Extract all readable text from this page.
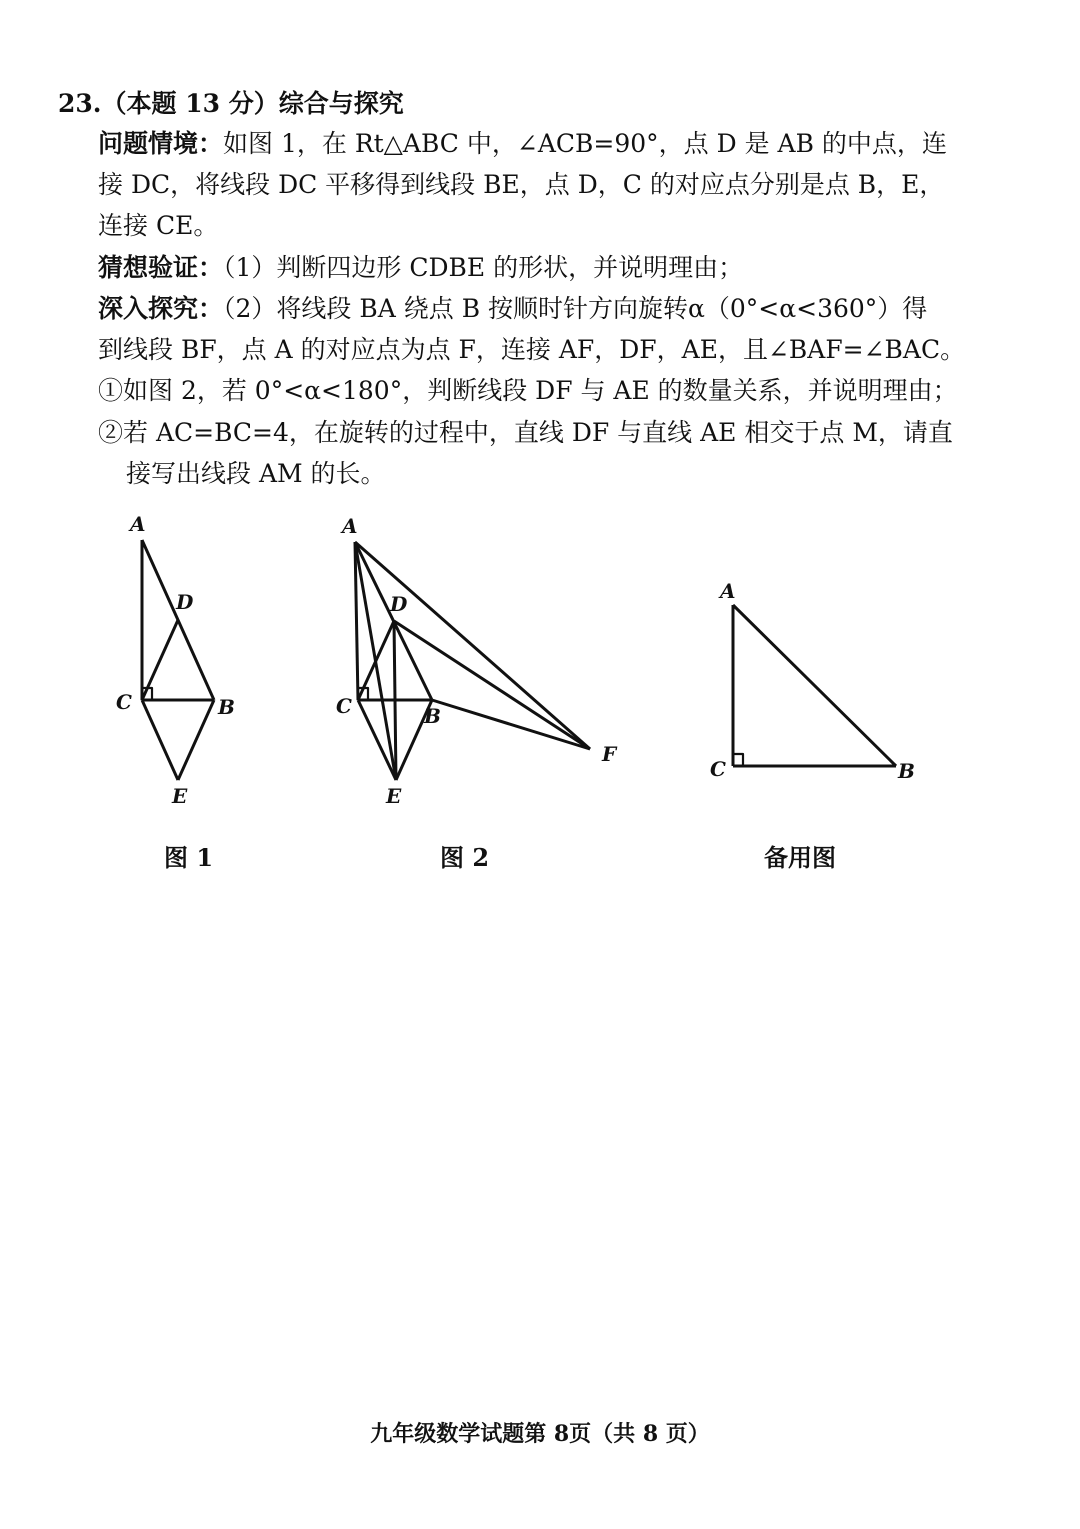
23.（本题 13 分）综合与探究
问题情境：如图 1，在 Rt△ABC 中，∠ACB=90°，点 D 是 AB 的中点，连
接 DC，将线段 DC 平移得到线段 BE，点 D，C 的对应点分别是点 B，E，
连接 CE。
猜想验证：（1）判断四边形 CDBE 的形状，并说明理由；
深入探究：（2）将线段 BA 绕点 B 按顺时针方向旋转α（0°<α<360°）得
到线段 BF，点 A 的对应点为点 F，连接 AF，DF，AE，且∠BAF=∠BAC。
①如图 2，若 0°<α<180°，判断线段 DF 与 AE 的数量关系，并说明理由；
②若 AC=BC=4，在旋转的过程中，直线 DF 与直线 AE 相交于点 M，请直
接写出线段 AM 的长。
A
D
C	B
E
图 1
A
D
C	B
F
E
图 2
A
C	B
备用图
九年级数学试题第 8页（共 8 页）
